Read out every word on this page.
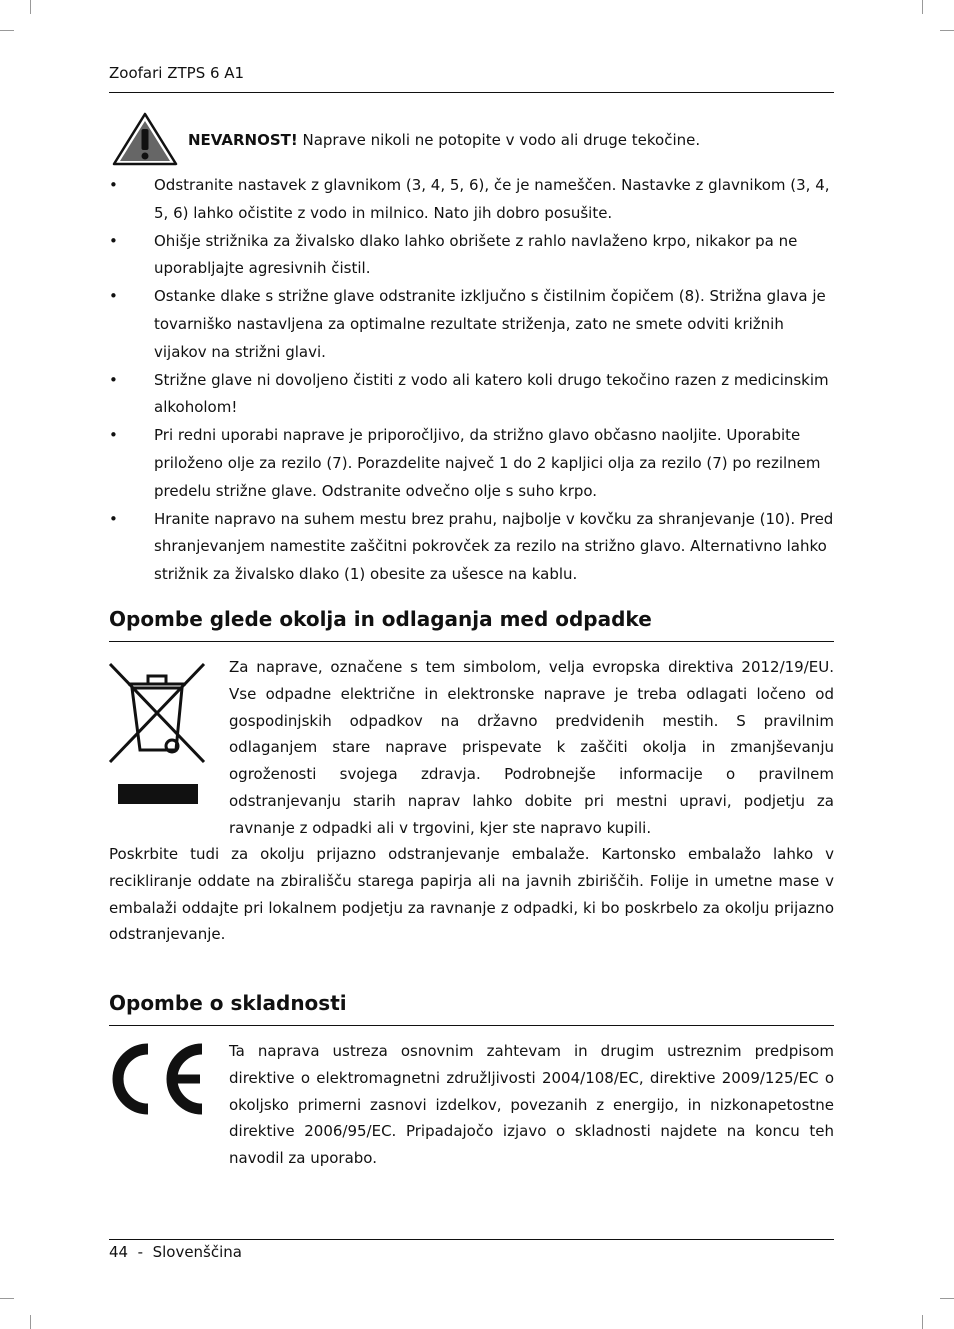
Zoofari ZTPS 6 A1
NEVARNOST! Naprave nikoli ne potopite v vodo ali druge tekočine.
• Odstranite nastavek z glavnikom (3, 4, 5, 6), če je nameščen. Nastavke z glavnikom (3, 4, 5, 6) lahko očistite z vodo in milnico. Nato jih dobro posušite.
• Ohišje strižnika za živalsko dlako lahko obrišete z rahlo navlaženo krpo, nikakor pa ne uporabljajte agresivnih čistil.
• Ostanke dlake s strižne glave odstranite izključno s čistilnim čopičem (8). Strižna glava je tovarniško nastavljena za optimalne rezultate striženja, zato ne smete odviti križnih vijakov na strižni glavi.
• Strižne glave ni dovoljeno čistiti z vodo ali katero koli drugo tekočino razen z medicinskim alkoholom!
• Pri redni uporabi naprave je priporočljivo, da strižno glavo občasno naoljite. Uporabite priloženo olje za rezilo (7). Porazdelite največ 1 do 2 kapljici olja za rezilo (7) po rezilnem predelu strižne glave. Odstranite odvečno olje s suho krpo.
• Hranite napravo na suhem mestu brez prahu, najbolje v kovčku za shranjevanje (10). Pred shranjevanjem namestite zaščitni pokrovček za rezilo na strižno glavo. Alternativno lahko strižnik za živalsko dlako (1) obesite za ušesce na kablu.
Opombe glede okolja in odlaganja med odpadke

Za naprave, označene s tem simbolom, velja evropska direktiva 2012/19/EU. Vse odpadne električne in elektronske naprave je treba odlagati ločeno od gospodinjskih odpadkov na državno predvidenih mestih. S pravilnim odlaganjem stare naprave prispevate k zaščiti okolja in zmanjševanju ogroženosti svojega zdravja. Podrobnejše informacije o pravilnem odstranjevanju starih naprav lahko dobite pri mestni upravi, podjetju za ravnanje z odpadki ali v trgovini, kjer ste napravo kupili.

Poskrbite tudi za okolju prijazno odstranjevanje embalaže. Kartonsko embalažo lahko v recikliranje oddate na zbirališču starega papirja ali na javnih zbiriščih. Folije in umetne mase v embalaži oddajte pri lokalnem podjetju za ravnanje z odpadki, ki bo poskrbelo za okolju prijazno odstranjevanje.

Opombe o skladnosti

Ta naprava ustreza osnovnim zahtevam in drugim ustreznim predpisom direktive o elektromagnetni združljivosti 2004/108/EC, direktive 2009/125/EC o okoljsko primerni zasnovi izdelkov, povezanih z energijo, in nizkonapetostne direktive 2006/95/EC. Pripadajočo izjavo o skladnosti najdete na koncu teh navodil za uporabo.

44  -  Slovenščina
